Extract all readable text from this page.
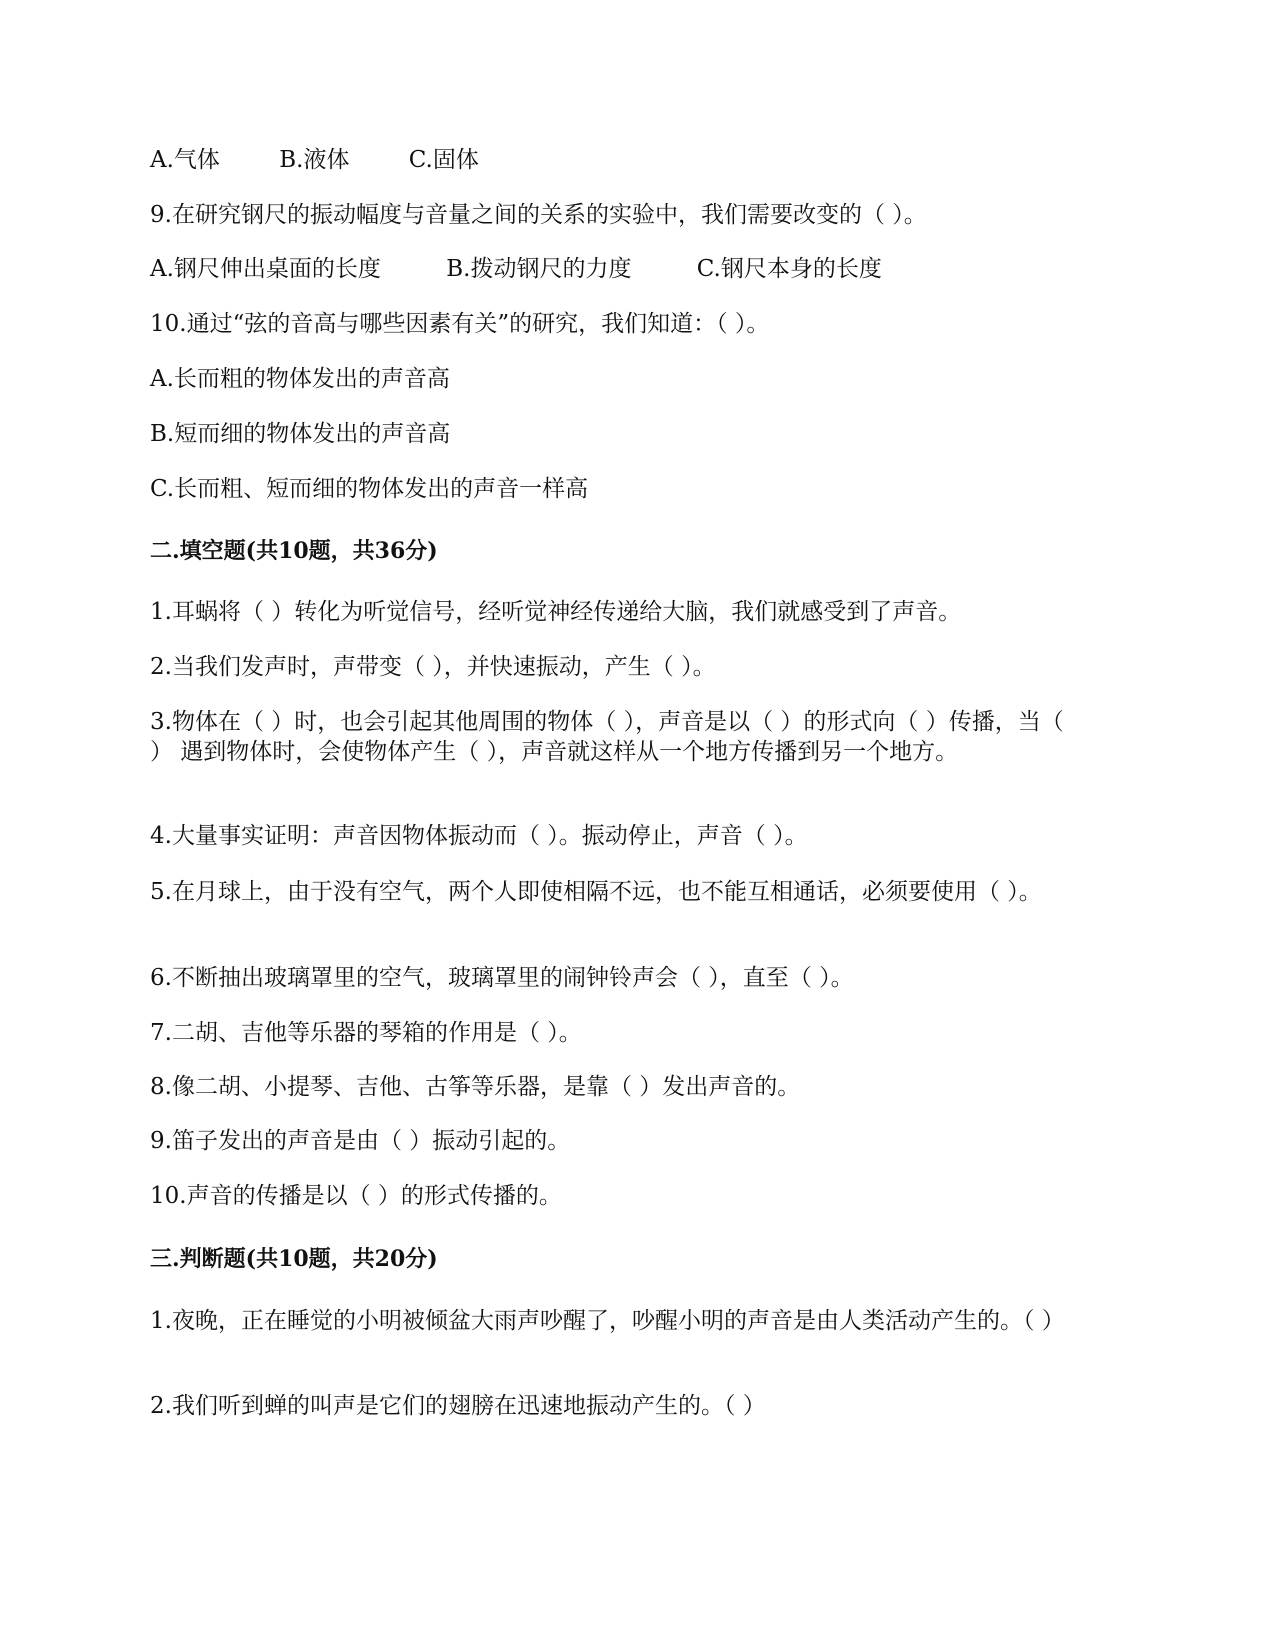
A.气体	B.液体	C.固体
9.在研究钢尺的振动幅度与音量之间的关系的实验中，我们需要改变的（ ）。
A.钢尺伸出桌面的长度	B.拨动钢尺的力度	C.钢尺本身的长度
10.通过“弦的音高与哪些因素有关”的研究，我们知道：（ ）。
A.长而粗的物体发出的声音高
B.短而细的物体发出的声音高
C.长而粗、短而细的物体发出的声音一样高
二.填空题(共10题，共36分)
1.耳蜗将（ ）转化为听觉信号，经听觉神经传递给大脑，我们就感受到了声音。
2.当我们发声时，声带变（ ），并快速振动，产生（ ）。
3.物体在（ ）时，也会引起其他周围的物体（ ），声音是以（ ）的形式向（ ）传播，当（ ） 遇到物体时，会使物体产生（ ），声音就这样从一个地方传播到另一个地方。
4.大量事实证明：声音因物体振动而（ ）。振动停止，声音（ ）。
5.在月球上，由于没有空气，两个人即使相隔不远，也不能互相通话，必须要使用（ ）。
6.不断抽出玻璃罩里的空气，玻璃罩里的闹钟铃声会（ ），直至（ ）。
7.二胡、吉他等乐器的琴箱的作用是（ ）。
8.像二胡、小提琴、吉他、古筝等乐器，是靠（ ）发出声音的。
9.笛子发出的声音是由（ ）振动引起的。
10.声音的传播是以（ ）的形式传播的。
三.判断题(共10题，共20分)
1.夜晚，正在睡觉的小明被倾盆大雨声吵醒了，吵醒小明的声音是由人类活动产生的。（ ）
2.我们听到蝉的叫声是它们的翅膀在迅速地振动产生的。（ ）
